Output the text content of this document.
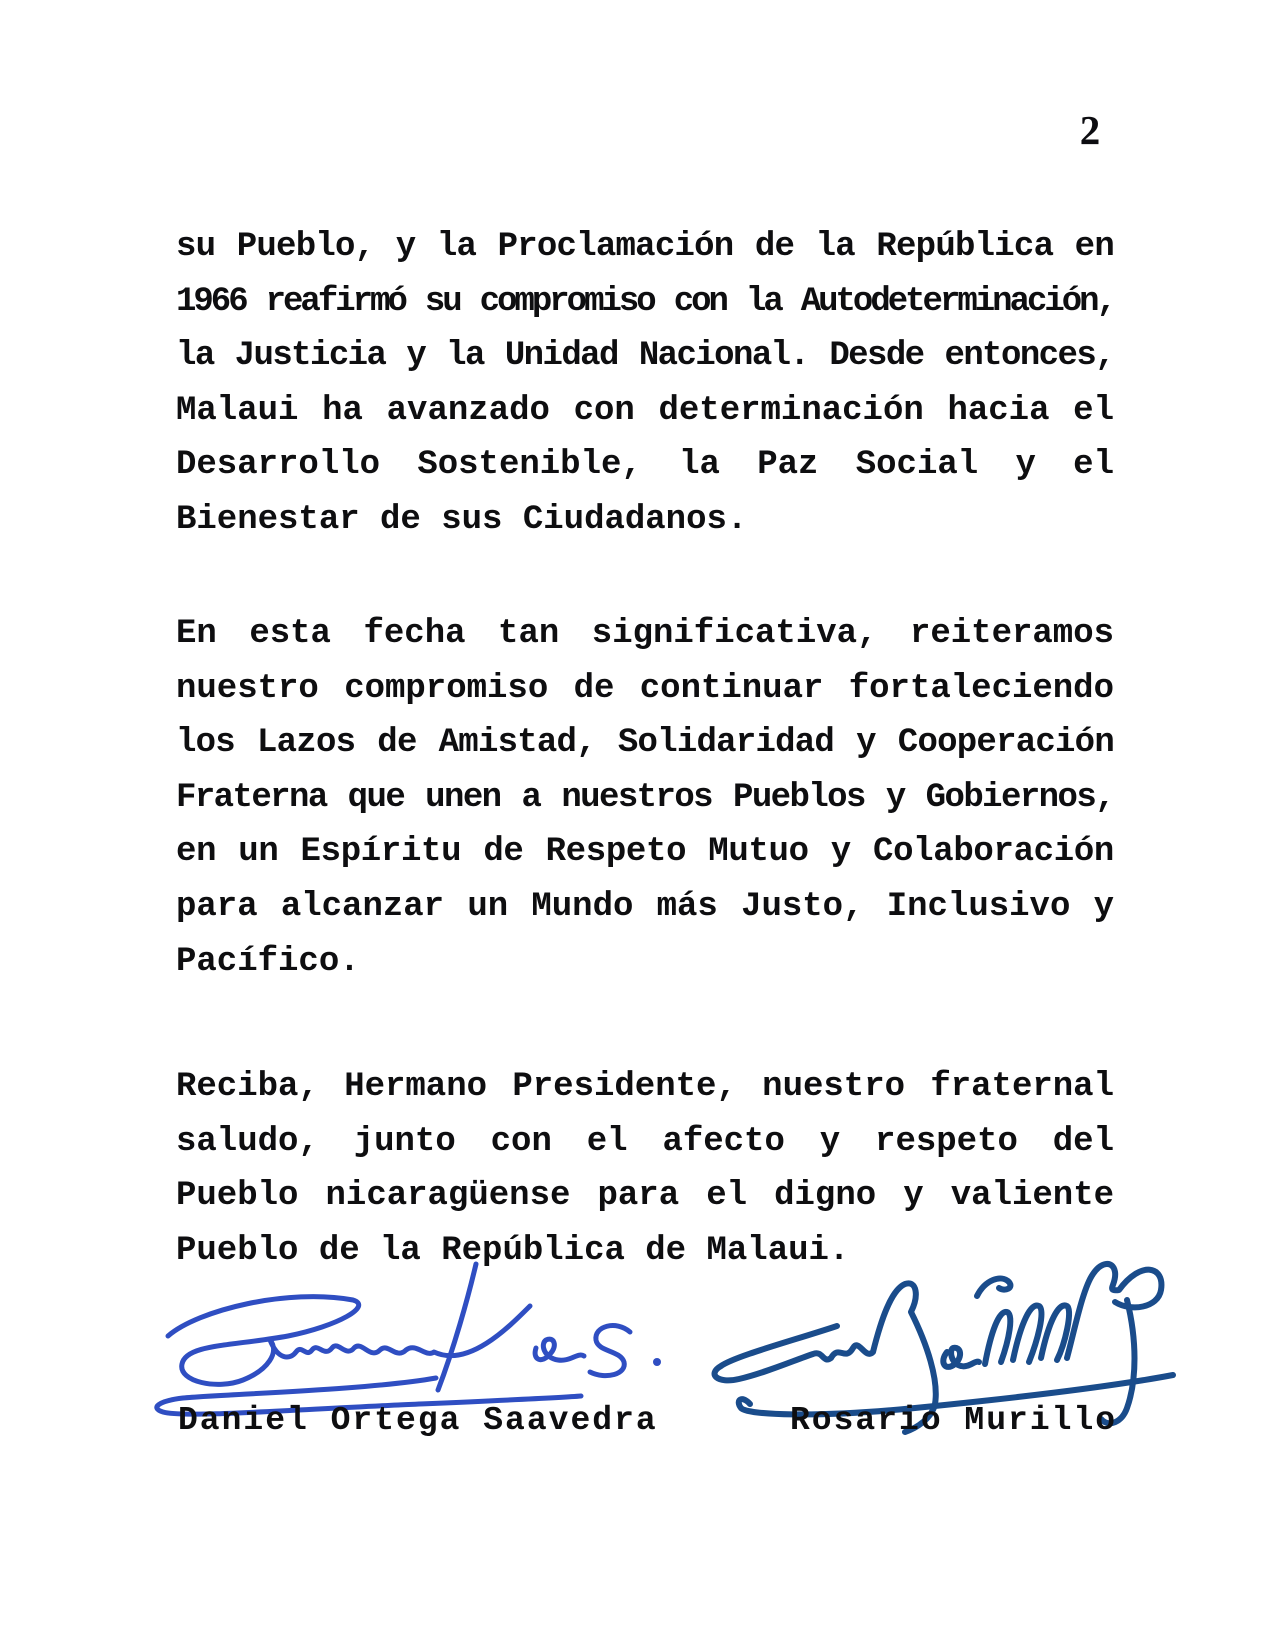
2
su Pueblo, y la Proclamación de la República en
1966 reafirmó su compromiso con la Autodeterminación,
la Justicia y la Unidad Nacional. Desde entonces,
Malaui ha avanzado con determinación hacia el
Desarrollo Sostenible, la Paz Social y el
Bienestar de sus Ciudadanos.
En esta fecha tan significativa, reiteramos
nuestro compromiso de continuar fortaleciendo
los Lazos de Amistad, Solidaridad y Cooperación
Fraterna que unen a nuestros Pueblos y Gobiernos,
en un Espíritu de Respeto Mutuo y Colaboración
para alcanzar un Mundo más Justo, Inclusivo y
Pacífico.
Reciba, Hermano Presidente, nuestro fraternal
saludo, junto con el afecto y respeto del
Pueblo nicaragüense para el digno y valiente
Pueblo de la República de Malaui.
Daniel Ortega Saavedra	Rosario Murillo
